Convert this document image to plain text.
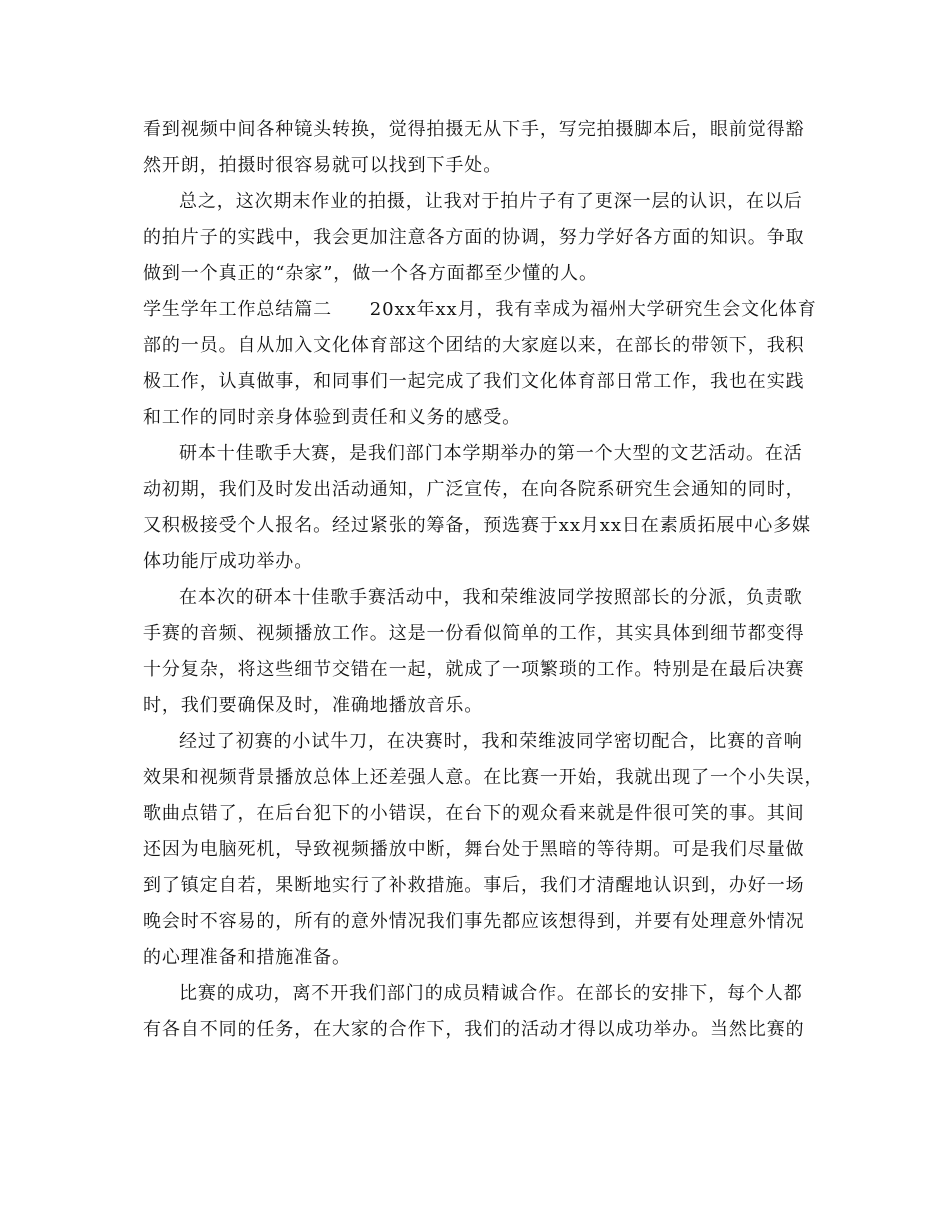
看到视频中间各种镜头转换，觉得拍摄无从下手，写完拍摄脚本后，眼前觉得豁
然开朗，拍摄时很容易就可以找到下手处。
总之，这次期末作业的拍摄，让我对于拍片子有了更深一层的认识，在以后
的拍片子的实践中，我会更加注意各方面的协调，努力学好各方面的知识。争取
做到一个真正的“杂家”，做一个各方面都至少懂的人。
学生学年工作总结篇二　　20xx年xx月，我有幸成为福州大学研究生会文化体育
部的一员。自从加入文化体育部这个团结的大家庭以来，在部长的带领下，我积
极工作，认真做事，和同事们一起完成了我们文化体育部日常工作，我也在实践
和工作的同时亲身体验到责任和义务的感受。
研本十佳歌手大赛，是我们部门本学期举办的第一个大型的文艺活动。在活
动初期，我们及时发出活动通知，广泛宣传，在向各院系研究生会通知的同时，
又积极接受个人报名。经过紧张的筹备，预选赛于xx月xx日在素质拓展中心多媒
体功能厅成功举办。
在本次的研本十佳歌手赛活动中，我和荣维波同学按照部长的分派，负责歌
手赛的音频、视频播放工作。这是一份看似简单的工作，其实具体到细节都变得
十分复杂，将这些细节交错在一起，就成了一项繁琐的工作。特别是在最后决赛
时，我们要确保及时，准确地播放音乐。
经过了初赛的小试牛刀，在决赛时，我和荣维波同学密切配合，比赛的音响
效果和视频背景播放总体上还差强人意。在比赛一开始，我就出现了一个小失误，
歌曲点错了，在后台犯下的小错误，在台下的观众看来就是件很可笑的事。其间
还因为电脑死机，导致视频播放中断，舞台处于黑暗的等待期。可是我们尽量做
到了镇定自若，果断地实行了补救措施。事后，我们才清醒地认识到，办好一场
晚会时不容易的，所有的意外情况我们事先都应该想得到，并要有处理意外情况
的心理准备和措施准备。
比赛的成功，离不开我们部门的成员精诚合作。在部长的安排下，每个人都
有各自不同的任务，在大家的合作下，我们的活动才得以成功举办。当然比赛的
